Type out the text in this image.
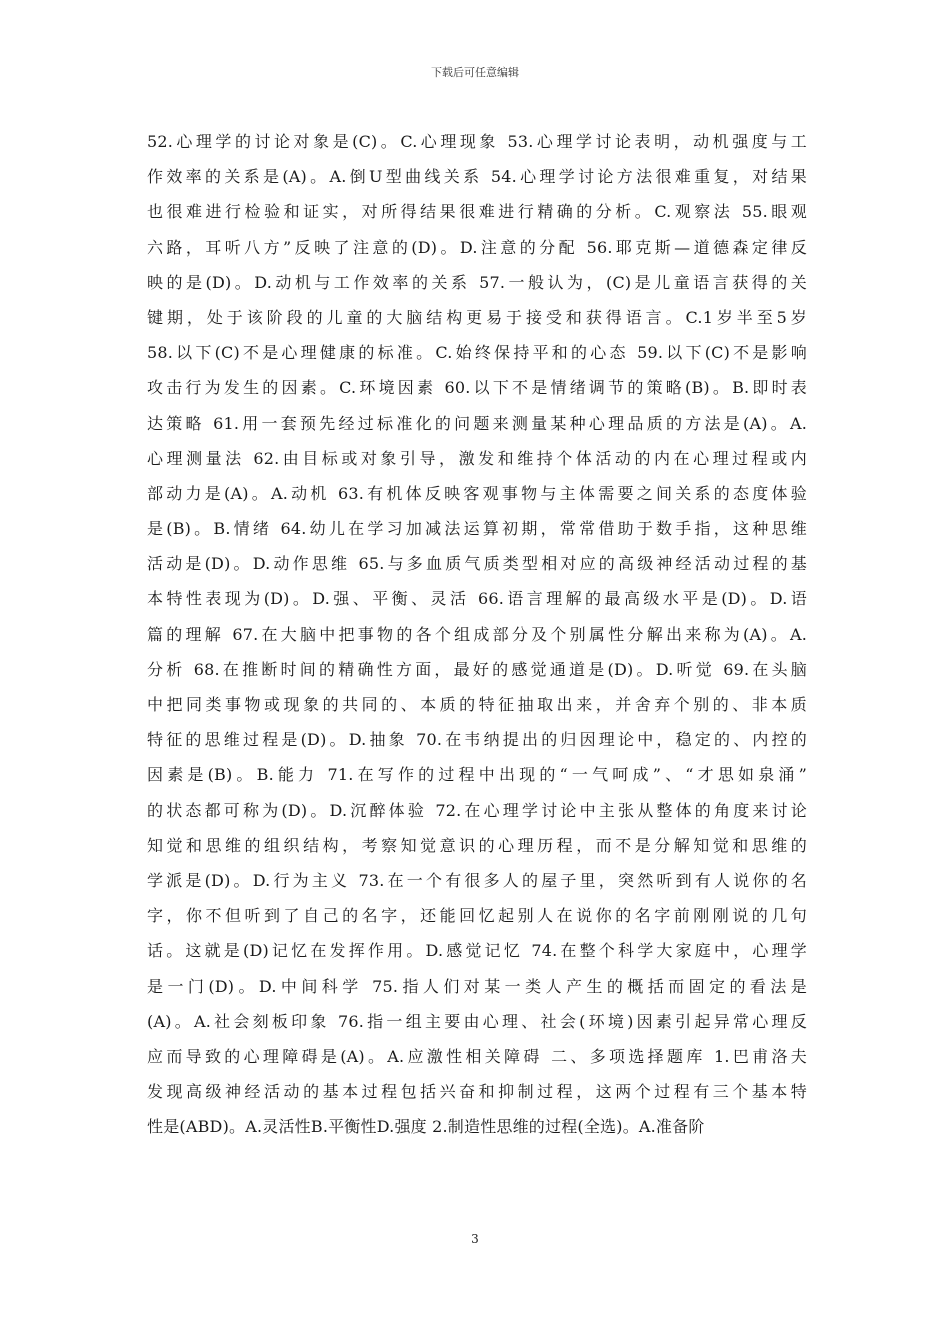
下载后可任意编辑
52.心理学的讨论对象是(C)。C.心理现象 53.心理学讨论表明，动机强度与工
作效率的关系是(A)。A.倒U型曲线关系 54.心理学讨论方法很难重复，对结果
也很难进行检验和证实，对所得结果很难进行精确的分析。C.观察法 55.眼观
六路，耳听八方”反映了注意的(D)。D.注意的分配 56.耶克斯—道德森定律反
映的是(D)。D.动机与工作效率的关系 57.一般认为，(C)是儿童语言获得的关
键期，处于该阶段的儿童的大脑结构更易于接受和获得语言。C.1岁半至5岁
58.以下(C)不是心理健康的标准。C.始终保持平和的心态 59.以下(C)不是影响
攻击行为发生的因素。C.环境因素 60.以下不是情绪调节的策略(B)。B.即时表
达策略 61.用一套预先经过标准化的问题来测量某种心理品质的方法是(A)。A.
心理测量法 62.由目标或对象引导，激发和维持个体活动的内在心理过程或内
部动力是(A)。A.动机 63.有机体反映客观事物与主体需要之间关系的态度体验
是(B)。B.情绪 64.幼儿在学习加减法运算初期，常常借助于数手指，这种思维
活动是(D)。D.动作思维 65.与多血质气质类型相对应的高级神经活动过程的基
本特性表现为(D)。D.强、平衡、灵活 66.语言理解的最高级水平是(D)。D.语
篇的理解 67.在大脑中把事物的各个组成部分及个别属性分解出来称为(A)。A.
分析 68.在推断时间的精确性方面，最好的感觉通道是(D)。D.听觉 69.在头脑
中把同类事物或现象的共同的、本质的特征抽取出来，并舍弃个别的、非本质
特征的思维过程是(D)。D.抽象 70.在韦纳提出的归因理论中，稳定的、内控的
因素是(B)。B.能力 71.在写作的过程中出现的“一气呵成”、“才思如泉涌”
的状态都可称为(D)。D.沉醉体验 72.在心理学讨论中主张从整体的角度来讨论
知觉和思维的组织结构，考察知觉意识的心理历程，而不是分解知觉和思维的
学派是(D)。D.行为主义 73.在一个有很多人的屋子里，突然听到有人说你的名
字，你不但听到了自己的名字，还能回忆起别人在说你的名字前刚刚说的几句
话。这就是(D)记忆在发挥作用。D.感觉记忆 74.在整个科学大家庭中，心理学
是一门(D)。D.中间科学 75.指人们对某一类人产生的概括而固定的看法是
(A)。A.社会刻板印象 76.指一组主要由心理、社会(环境)因素引起异常心理反
应而导致的心理障碍是(A)。A.应激性相关障碍 二、多项选择题库 1.巴甫洛夫
发现高级神经活动的基本过程包括兴奋和抑制过程，这两个过程有三个基本特
性是(ABD)。A.灵活性B.平衡性D.强度 2.制造性思维的过程(全选)。A.准备阶
3
